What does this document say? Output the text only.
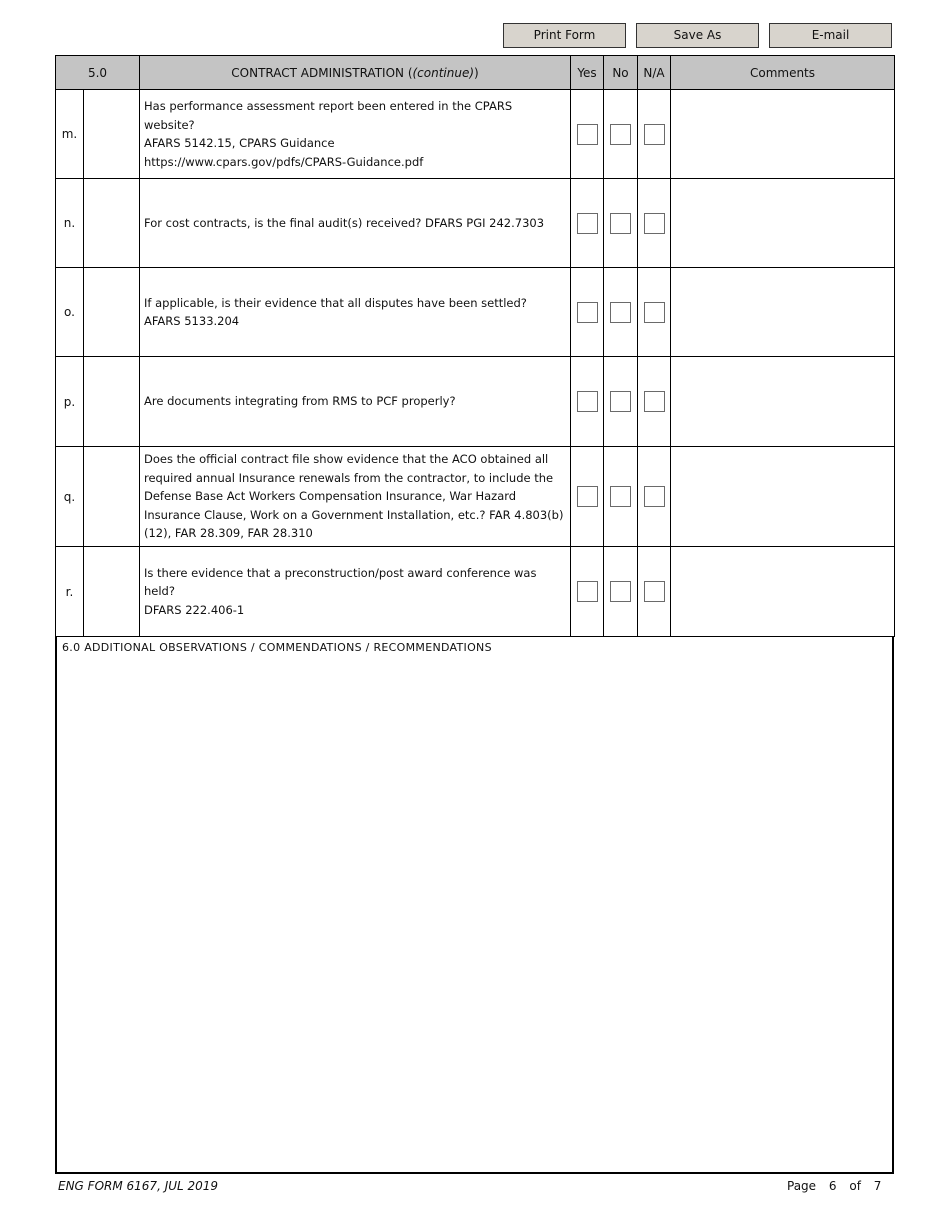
Print Form	Save As	E-mail
5.0		CONTRACT ADMINISTRATION ((continue))	Yes	No	N/A	Comments
m.		Has performance assessment report been entered in the CPARS website?
AFARS 5142.15, CPARS Guidance
https://www.cpars.gov/pdfs/CPARS-Guidance.pdf				

n.		For cost contracts, is the final audit(s) received? DFARS PGI 242.7303				

o.		If applicable, is their evidence that all disputes have been settled?
AFARS 5133.204				

p.		Are documents integrating from RMS to PCF properly?				

q.		Does the official contract file show evidence that the ACO obtained all
required annual Insurance renewals from the contractor, to include the
Defense Base Act Workers Compensation Insurance, War Hazard
Insurance Clause, Work on a Government Installation, etc.? FAR 4.803(b)
(12), FAR 28.309, FAR 28.310				

r.		Is there evidence that a preconstruction/post award conference was held?
DFARS 222.406-1				

6.0 ADDITIONAL OBSERVATIONS / COMMENDATIONS / RECOMMENDATIONS
ENG FORM 6167, JUL 2019	Page 6 of 7
